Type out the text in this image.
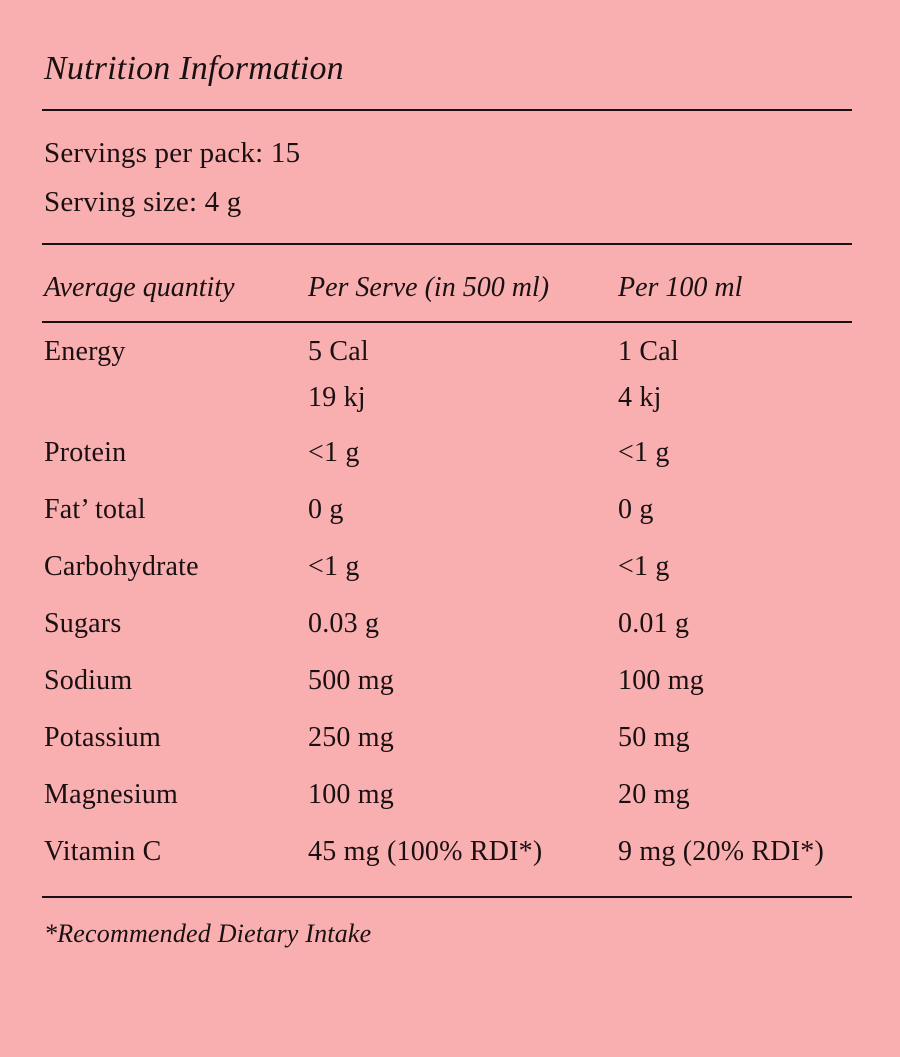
Nutrition Information
Servings per pack: 15
Serving size: 4 g
Average quantity	Per Serve (in 500 ml)	Per 100 ml
Energy	5 Cal	1 Cal
	19 kj	4 kj
Protein	<1 g	<1 g
Fat’ total	0 g	0 g
Carbohydrate	<1 g	<1 g
Sugars	0.03 g	0.01 g
Sodium	500 mg	100 mg
Potassium	250 mg	50 mg
Magnesium	100 mg	20 mg
Vitamin C	45 mg (100% RDI*)	9 mg (20% RDI*)
*Recommended Dietary Intake
